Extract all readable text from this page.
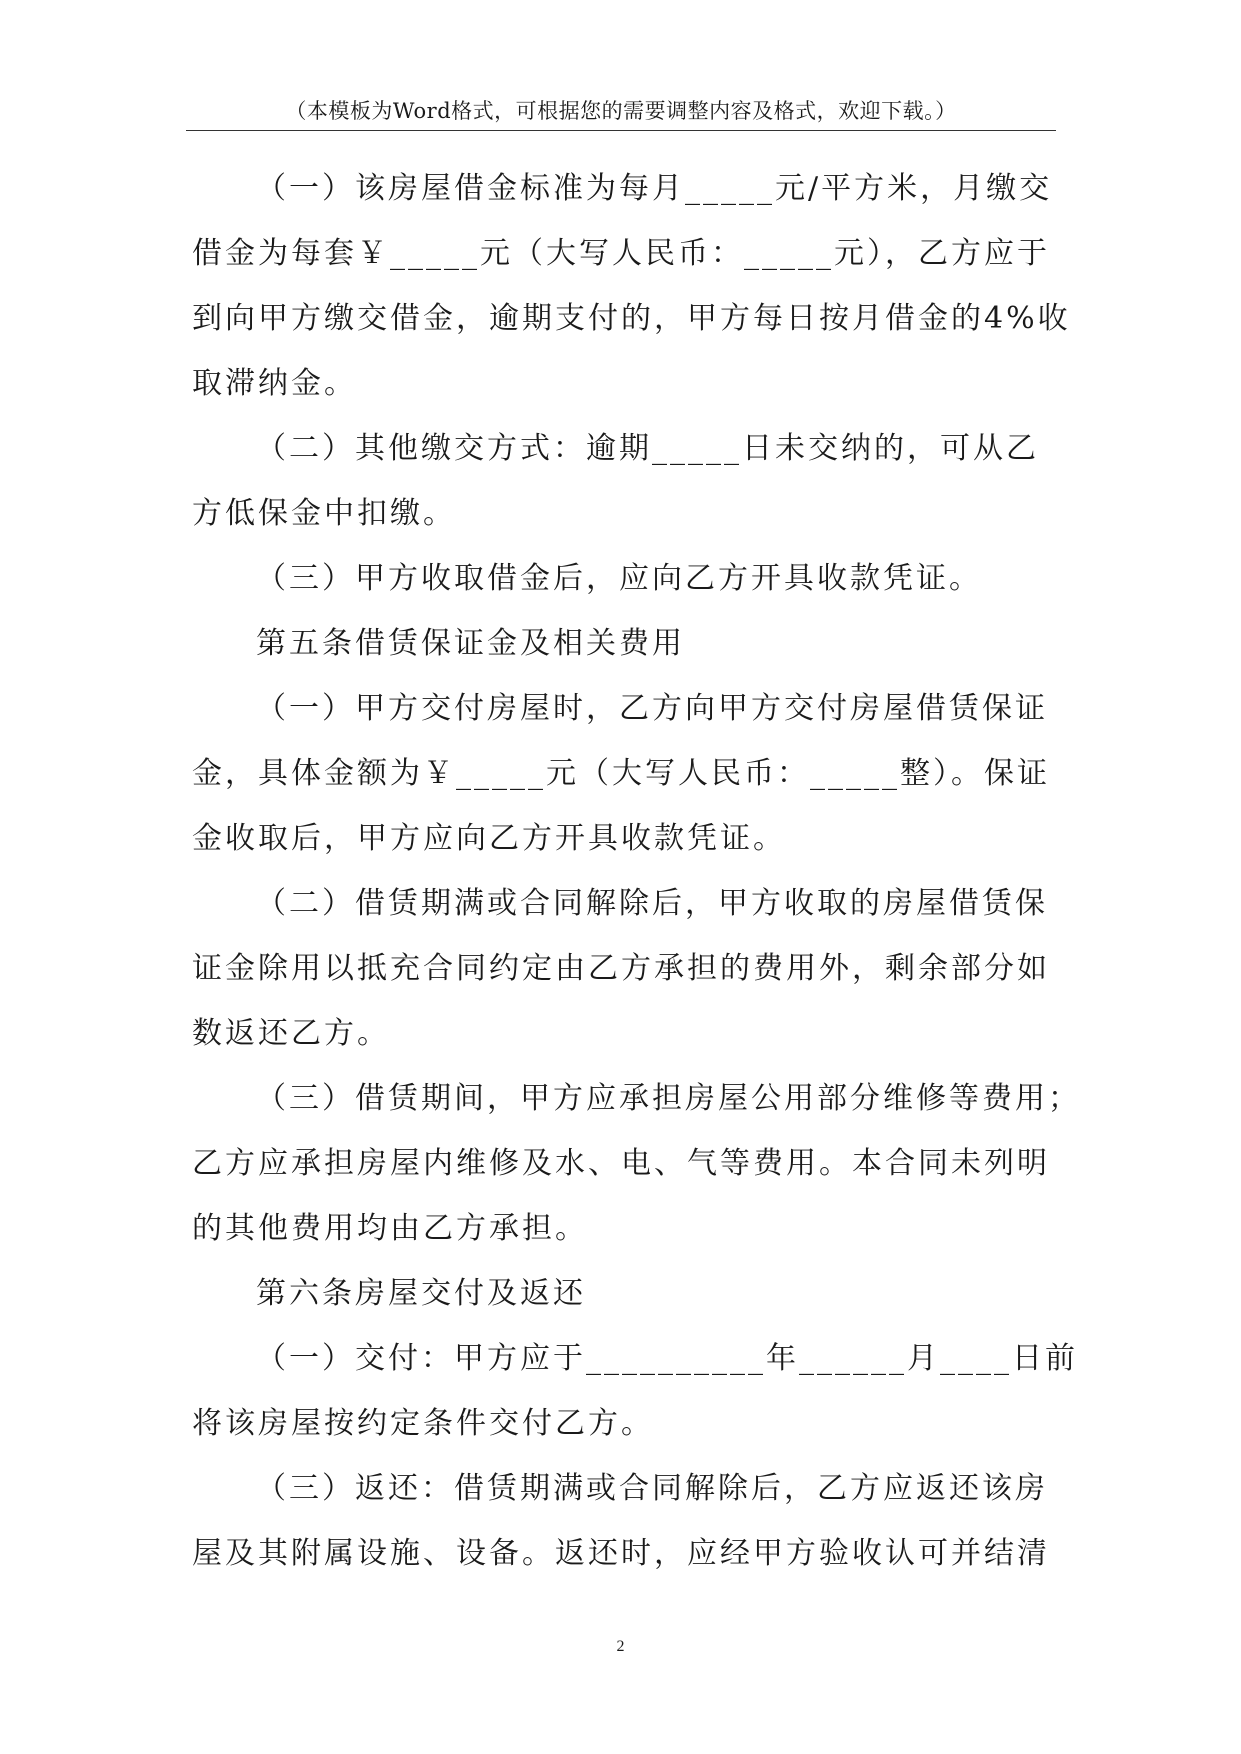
（本模板为Word格式，可根据您的需要调整内容及格式，欢迎下载。）

（一）该房屋借金标准为每月_____元/平方米，月缴交

借金为每套￥_____元（大写人民币：_____元），乙方应于

到向甲方缴交借金，逾期支付的，甲方每日按月借金的4%收

取滞纳金。

（二）其他缴交方式：逾期_____日未交纳的，可从乙

方低保金中扣缴。

（三）甲方收取借金后，应向乙方开具收款凭证。

第五条借赁保证金及相关费用

（一）甲方交付房屋时，乙方向甲方交付房屋借赁保证

金，具体金额为￥_____元（大写人民币：_____整）。保证

金收取后，甲方应向乙方开具收款凭证。

（二）借赁期满或合同解除后，甲方收取的房屋借赁保

证金除用以抵充合同约定由乙方承担的费用外，剩余部分如

数返还乙方。

（三）借赁期间，甲方应承担房屋公用部分维修等费用；

乙方应承担房屋内维修及水、电、气等费用。本合同未列明

的其他费用均由乙方承担。

第六条房屋交付及返还

（一）交付：甲方应于__________年______月____日前

将该房屋按约定条件交付乙方。

（三）返还：借赁期满或合同解除后，乙方应返还该房

屋及其附属设施、设备。返还时，应经甲方验收认可并结清

2
